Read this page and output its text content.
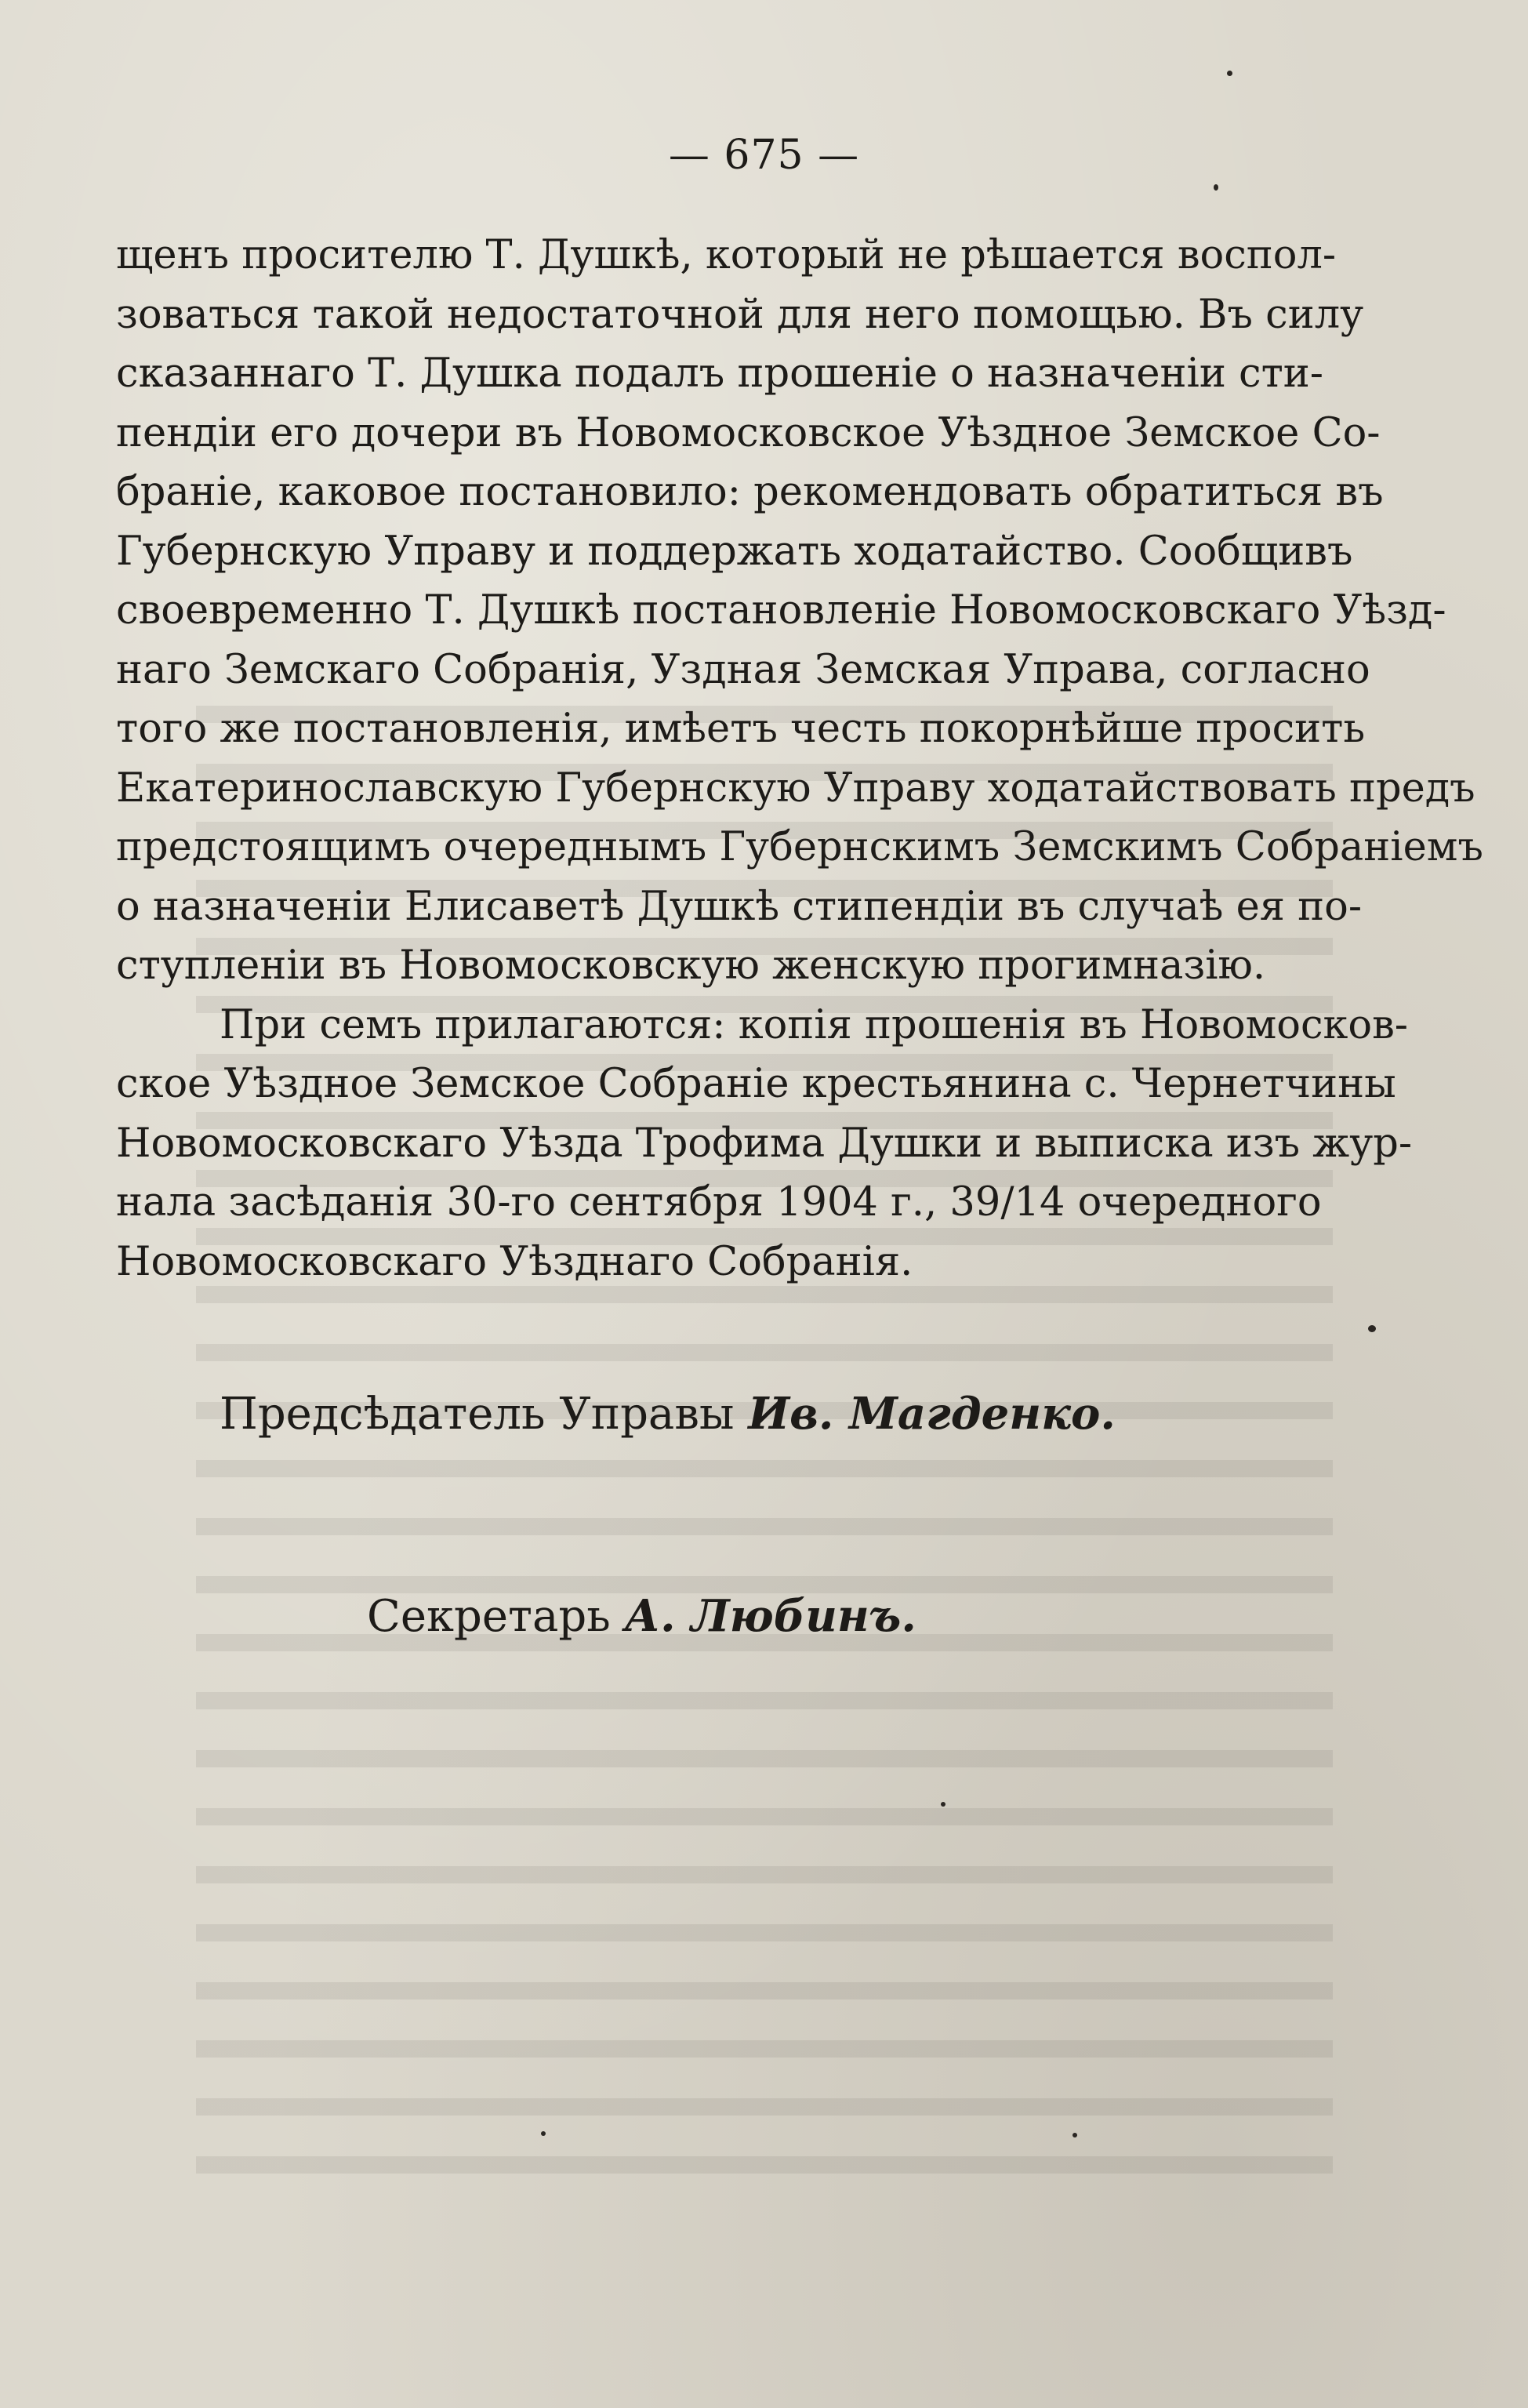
— 675 —
щенъ просителю Т. Душкѣ, который не рѣшается воспол-
зоваться такой недостаточной для него помощью. Въ силу
сказаннаго Т. Душка подалъ прошенiе о назначенiи сти-
пендiи его дочери въ Новомосковское Уѣздное Земское Со-
бранiе, каковое постановило: рекомендовать обратиться въ
Губернскую Управу и поддержать ходатайство. Сообщивъ
своевременно Т. Душкѣ постановленiе Новомосковскаго Уѣзд-
наго Земскаго Собранiя, Уздная Земская Управа, согласно
того же постановленiя, имѣетъ честь покорнѣйше просить
Екатеринославскую Губернскую Управу ходатайствовать предъ
предстоящимъ очереднымъ Губернскимъ Земскимъ Собранiемъ
о назначенiи Елисаветѣ Душкѣ стипендiи въ случаѣ ея по-
ступленiи въ Новомосковскую женскую прогимназiю.
При семъ прилагаются: копiя прошенiя въ Новомосков-
ское Уѣздное Земское Собранiе крестьянина с. Чернетчины
Новомосковскаго Уѣзда Трофима Душки и выписка изъ жур-
нала засѣданiя 30-го сентября 1904 г., 39/14 очередного
Новомосковскаго Уѣзднаго Собранiя.
Предсѣдатель Управы Ив. Магденко.
Секретарь А. Любинъ.
